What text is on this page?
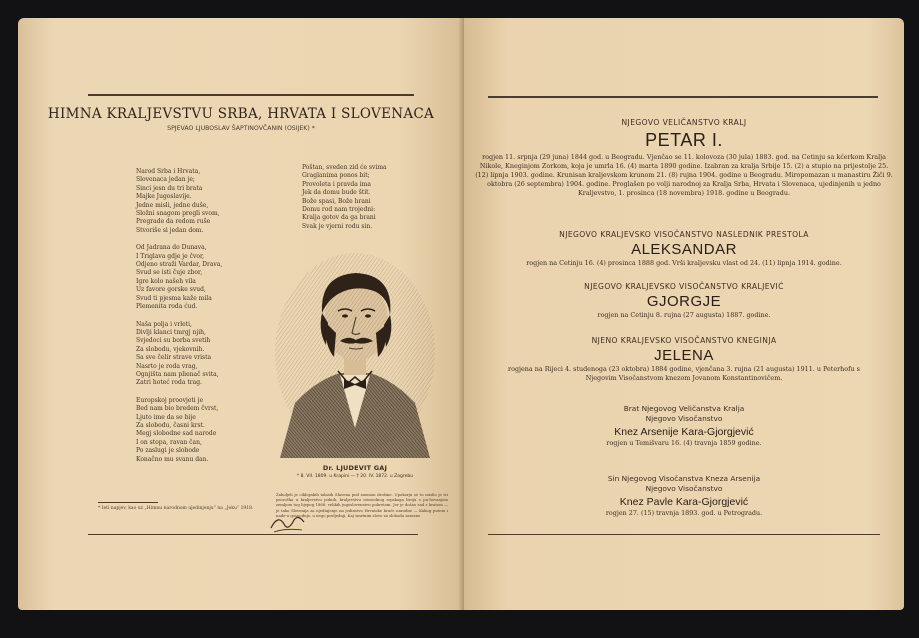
HIMNA KRALJEVSTVU SRBA, HRVATA I SLOVENACA
SPJEVAO LJUBOSLAV ŠAPTINOVČANIN (OSIJEK) *
Narod Srba i Hrvata,
Slovenaca jedan je;
Sinci jesn du tri brata
Majke Jugoslavije.
Jedne misli, jedne duše,
Složni snagom pregli svom,
Pregrade da redom ruše
Stvoriše si jedan dom.
Od Jadrana do Dunava,
I Triglava gdje je čvor,
Odjeno straži Vardar, Drava,
Svud se isti čuje zbor,
Igre kolo našeh vila
Uz favore gorske svud,
Svud ti pjesma kaže mila
Plemenita roda ćud.
Naša polja i vrleti,
Divlji klanci tmrgj njih,
Svjedoci su borba svetih
Za slobodu, vjekovnih.
Sa sve čelir strave vrista
Nasrto je roda vrag,
Ognjišta nam plienač svita,
Zatri hoteć roda trag.
Europskoj proovjeti je
Bed nam bio bredem čvrst,
Ljuto ime da se bije
Za slobodu, časni krst.
Megj slobodne sad narode
I on stopa, ravan čan,
Po zaslugi je slobode
Konačno mu svanu dan.
Poštan, sveden zid će svima
Graglanima ponos bit;
Provoleta i pravda ima
Jek da domu bude štit.
Bože spasi, Bože hrani
Domu rod nam trojedni:
Kralja gotov da ga brani
Svak je vjerni rodu sin.
Dr. LJUDEVIT GAJ
* 8. VII. 1809. u Krapini — † 20. IV. 1872. u Zagrebu
* Ieti napjev, kao uz „Himnu narodnom ujedinjenju“ na „Jeku“ 1918.
Zaboljeh je ciklopskih talasih Slavena pod snenom drošine. Upokorju se to mislio je tri proročka u kraljevstvu jednih, kraljevstvu istorodnog srpskoga broju s pu-hovanjom zemljom tog lijepog 1868. velikih jugoslovenstvu pokretom. Jer je došao sad s bratom — je tako Slovenija za ujedinjenje na jedinstvo Hrvatske braće narodne — Kakog putem i nade-u gospodnje, u nego posljednji, Kaj smrtnim slovo za slobodu zarazne
NJEGOVO VELIČANSTVO KRALJ
PETAR I.
rogjen 11. srpnja (29 juna) 1844 god. u Beogradu. Vjenčao se 11. kolovoza (30 jula) 1883. god. na Cetinju sa kćerkom Kralja Nikole, Kneginjom Zorkom, koja je umrla 16. (4) marta 1890 godine. Izabran za kralja Srbije 15. (2) a stupio na prijestolje 25. (12) lipnja 1903. godine. Krunisan kraljevskom krunom 21. (8) rujna 1904. godine u Beogradu. Miropomazan u manastiru Žiči 9. oktobra (26 septembra) 1904. godine. Proglašen po volji narodnoj za Kralja Srba, Hrvata i Slovenaca, ujedinjenih u jedno Kraljevstvo, 1. prosinca (18 novembra) 1918. godine u Beogradu.
NJEGOVO KRALJEVSKO VISOČANSTVO NASLEDNIK PRESTOLA
ALEKSANDAR
rogjen na Cetinju 16. (4) prosinca 1888 god. Vrši kraljevsku vlast od 24. (11) lipnja 1914. godine.
NJEGOVO KRALJEVSKO VISOČANSTVO KRALJEVIĆ
GJORGJE
rogjen na Cetinju 8. rujna (27 augusta) 1887. godine.
NJENO KRALJEVSKO VISOČANSTVO KNEGINJA
JELENA
rogjena na Rijeci 4. studenoga (23 oktobra) 1884 godine, vjenčana 3. rujna (21 augusta) 1911. u Peterhofu s Njegovim Visočanstvom knezom Jovanom Konstantinovičem.
Brat Njegovog Veličanstva Kralja
Njegovo Visočanstvo
Knez Arsenije Kara-Gjorgjević
rogjen u Temišvaru 16. (4) travnja 1859 godine.
Sin Njegovog Visočanstva Kneza Arsenija
Njegovo Visočanstvo
Knez Pavle Kara-Gjorgjević
rogjen 27. (15) travnja 1893. god. u Petrogradu.
